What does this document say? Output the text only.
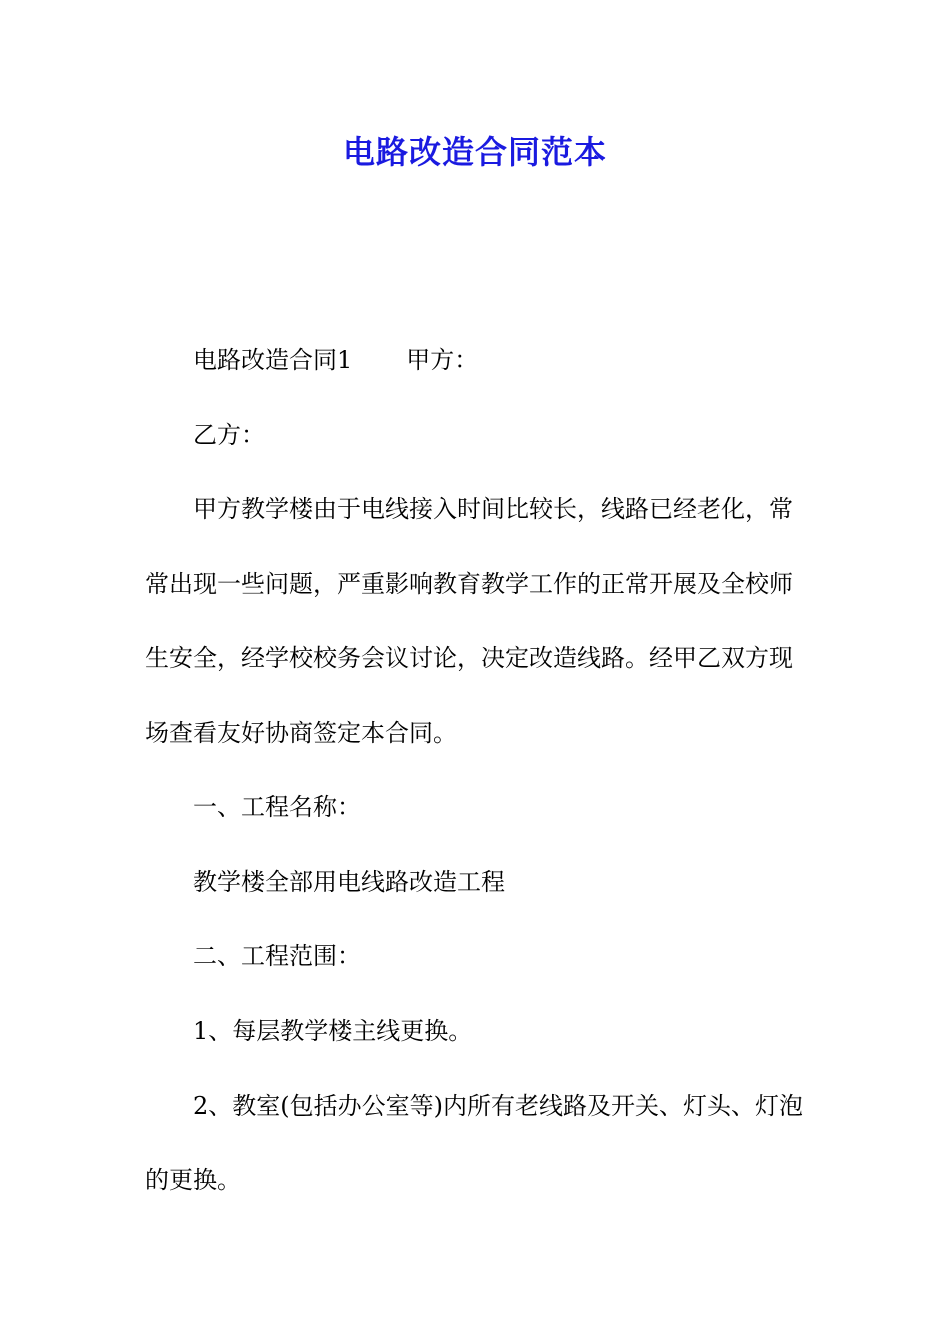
电路改造合同范本
电路改造合同1 甲方：
乙方：
甲方教学楼由于电线接入时间比较长，线路已经老化，常
常出现一些问题，严重影响教育教学工作的正常开展及全校师
生安全，经学校校务会议讨论，决定改造线路。经甲乙双方现
场查看友好协商签定本合同。
一、工程名称：
教学楼全部用电线路改造工程
二、工程范围：
1、每层教学楼主线更换。
2、教室(包括办公室等)内所有老线路及开关、灯头、灯泡
的更换。
